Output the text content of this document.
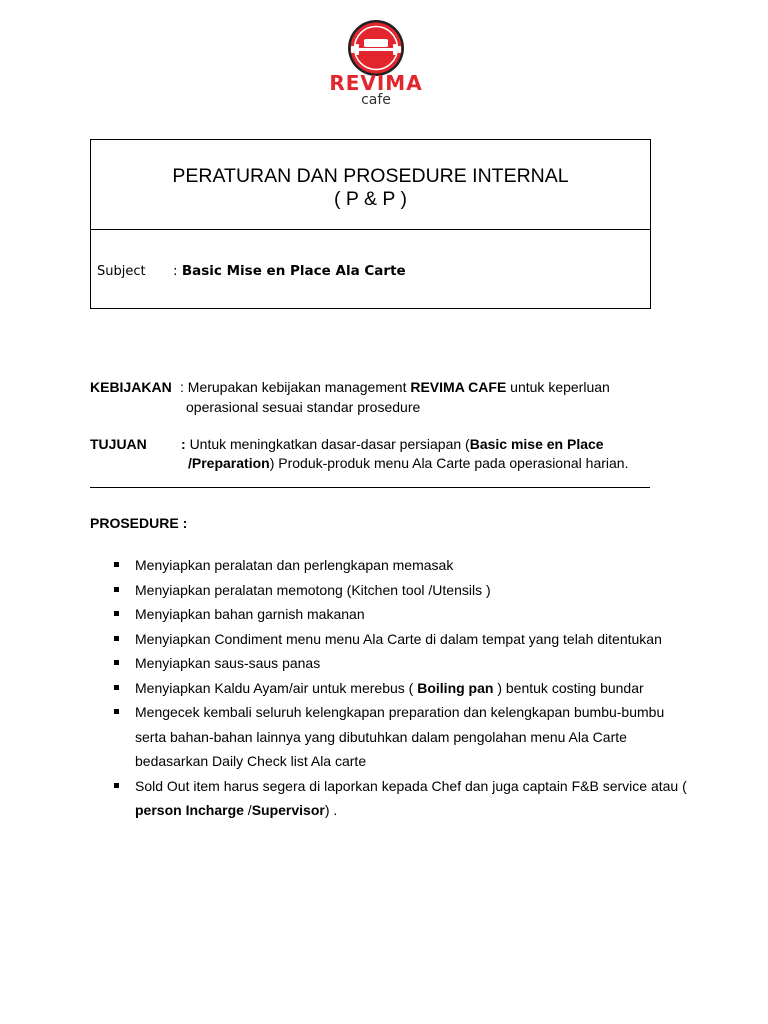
REVIMA
cafe
PERATURAN DAN PROSEDURE INTERNAL
( P & P )
Subject : Basic Mise en Place Ala Carte
KEBIJAKAN : Merupakan kebijakan management REVIMA CAFE untuk keperluan
operasional sesuai standar prosedure
TUJUAN : Untuk meningkatkan dasar-dasar persiapan (Basic mise en Place
/Preparation) Produk-produk menu Ala Carte pada operasional harian.
PROSEDURE :
Menyiapkan peralatan dan perlengkapan memasak
Menyiapkan peralatan memotong (Kitchen tool /Utensils )
Menyiapkan bahan garnish makanan
Menyiapkan Condiment menu menu Ala Carte di dalam tempat yang telah ditentukan
Menyiapkan saus-saus panas
Menyiapkan Kaldu Ayam/air untuk merebus ( Boiling pan ) bentuk costing bundar
Mengecek kembali seluruh kelengkapan preparation dan kelengkapan bumbu-bumbu
serta bahan-bahan lainnya yang dibutuhkan dalam pengolahan menu Ala Carte
bedasarkan Daily Check list Ala carte
Sold Out item harus segera di laporkan kepada Chef dan juga captain F&B service atau (
person Incharge /Supervisor) .
